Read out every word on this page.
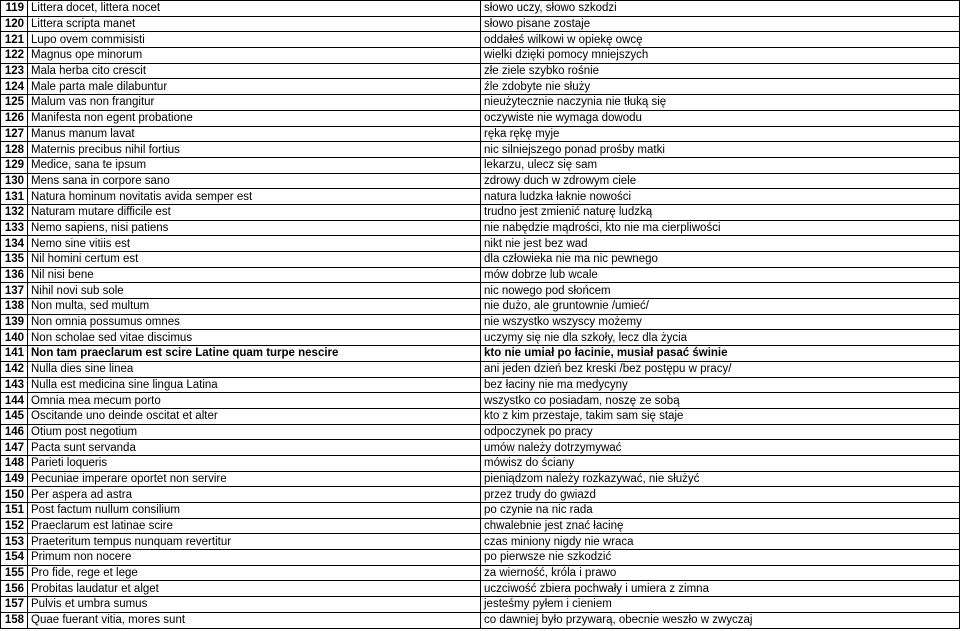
119	Littera docet, littera nocet	słowo uczy, słowo szkodzi
120	Littera scripta manet	słowo pisane zostaje
121	Lupo ovem commisisti	oddałeś wilkowi w opiekę owcę
122	Magnus ope minorum	wielki dzięki pomocy mniejszych
123	Mala herba cito crescit	złe ziele szybko rośnie
124	Male parta male dilabuntur	źle zdobyte nie służy
125	Malum vas non frangitur	nieużytecznie naczynia nie tłuką się
126	Manifesta non egent probatione	oczywiste nie wymaga dowodu
127	Manus manum lavat	ręka rękę myje
128	Maternis precibus nihil fortius	nic silniejszego ponad prośby matki
129	Medice, sana te ipsum	lekarzu, ulecz się sam
130	Mens sana in corpore sano	zdrowy duch w zdrowym ciele
131	Natura hominum novitatis avida semper est	natura ludzka łaknie nowości
132	Naturam mutare difficile est	trudno jest zmienić naturę ludzką
133	Nemo sapiens, nisi patiens	nie nabędzie mądrości, kto nie ma cierpliwości
134	Nemo sine vitiis est	nikt nie jest bez wad
135	Nil homini certum est	dla człowieka nie ma nic pewnego
136	Nil nisi bene	mów dobrze lub wcale
137	Nihil novi sub sole	nic nowego pod słońcem
138	Non multa, sed multum	nie dużo, ale gruntownie /umieć/
139	Non omnia possumus omnes	nie wszystko wszyscy możemy
140	Non scholae sed vitae discimus	uczymy się nie dla szkoły, lecz dla życia
141	Non tam praeclarum est scire Latine quam turpe nescire	kto nie umiał po łacinie, musiał pasać świnie
142	Nulla dies sine linea	ani jeden dzień bez kreski /bez postępu w pracy/
143	Nulla est medicina sine lingua Latina	bez łaciny nie ma medycyny
144	Omnia mea mecum porto	wszystko co posiadam, noszę ze sobą
145	Oscitande uno deinde oscitat et alter	kto z kim przestaje, takim sam się staje
146	Otium post negotium	odpoczynek po pracy
147	Pacta sunt servanda	umów należy dotrzymywać
148	Parieti loqueris	mówisz do ściany
149	Pecuniae imperare oportet non servire	pieniądzom należy rozkazywać, nie służyć
150	Per aspera ad astra	przez trudy do gwiazd
151	Post factum nullum consilium	po czynie na nic rada
152	Praeclarum est latinae scire	chwalebnie jest znać łacinę
153	Praeteritum tempus nunquam revertitur	czas miniony nigdy nie wraca
154	Primum non nocere	po pierwsze nie szkodzić
155	Pro fide, rege et lege	za wierność, króla i prawo
156	Probitas laudatur et alget	uczciwość zbiera pochwały i umiera z zimna
157	Pulvis et umbra sumus	jesteśmy pyłem i cieniem
158	Quae fuerant vitia, mores sunt	co dawniej było przywarą, obecnie weszło w zwyczaj
